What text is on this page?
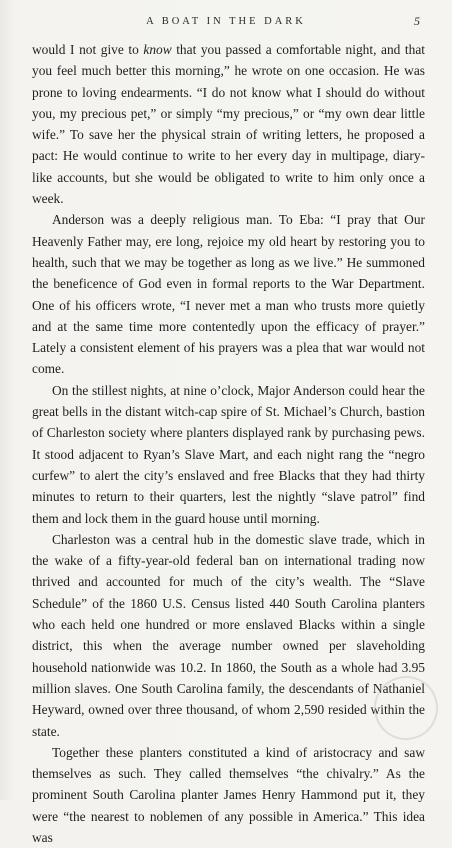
A BOAT IN THE DARK	5

would I not give to know that you passed a comfortable night, and that you feel much better this morning,” he wrote on one occasion. He was prone to loving endearments. “I do not know what I should do without you, my precious pet,” or simply “my precious,” or “my own dear little wife.” To save her the physical strain of writing letters, he proposed a pact: He would continue to write to her every day in multipage, diary-like accounts, but she would be obligated to write to him only once a week.

Anderson was a deeply religious man. To Eba: “I pray that Our Heavenly Father may, ere long, rejoice my old heart by restoring you to health, such that we may be together as long as we live.” He summoned the beneficence of God even in formal reports to the War Department. One of his officers wrote, “I never met a man who trusts more quietly and at the same time more contentedly upon the efficacy of prayer.” Lately a consistent element of his prayers was a plea that war would not come.

On the stillest nights, at nine o’clock, Major Anderson could hear the great bells in the distant witch-cap spire of St. Michael’s Church, bastion of Charleston society where planters displayed rank by purchasing pews. It stood adjacent to Ryan’s Slave Mart, and each night rang the “negro curfew” to alert the city’s enslaved and free Blacks that they had thirty minutes to return to their quarters, lest the nightly “slave patrol” find them and lock them in the guard house until morning.

Charleston was a central hub in the domestic slave trade, which in the wake of a fifty-year-old federal ban on international trading now thrived and accounted for much of the city’s wealth. The “Slave Schedule” of the 1860 U.S. Census listed 440 South Carolina planters who each held one hundred or more enslaved Blacks within a single district, this when the average number owned per slaveholding household nationwide was 10.2. In 1860, the South as a whole had 3.95 million slaves. One South Carolina family, the descendants of Nathaniel Heyward, owned over three thousand, of whom 2,590 resided within the state.

Together these planters constituted a kind of aristocracy and saw themselves as such. They called themselves “the chivalry.” As the prominent South Carolina planter James Henry Hammond put it, they were “the nearest to noblemen of any possible in America.” This idea was
